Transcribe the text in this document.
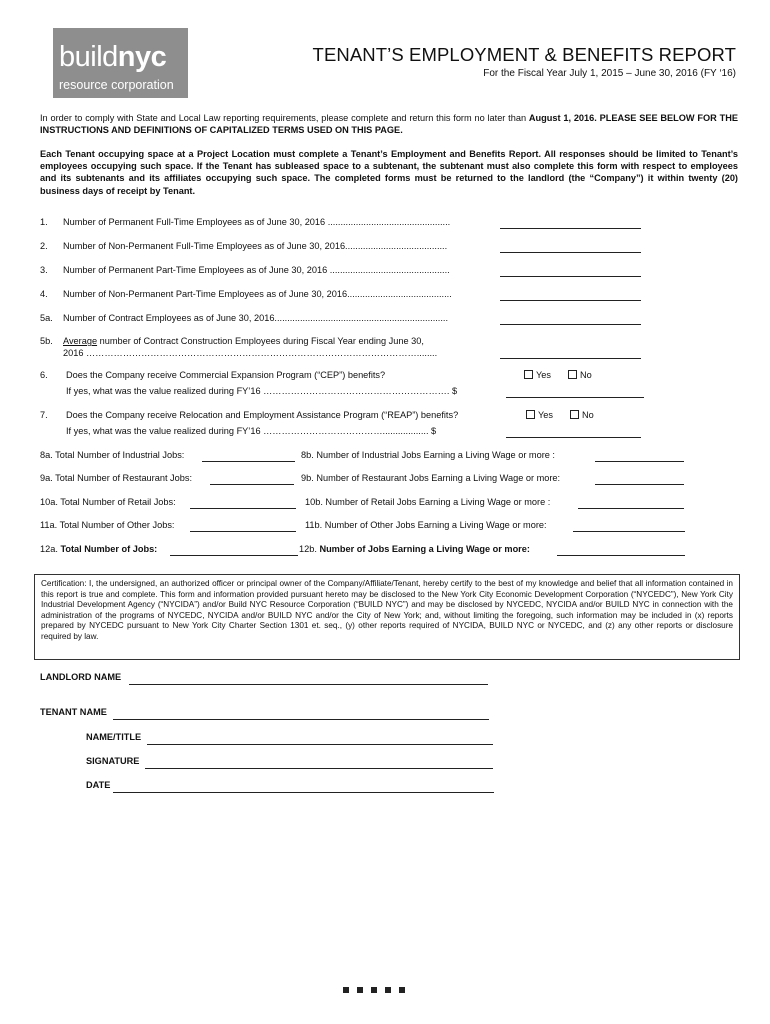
buildnyc
resource corporation
TENANT’S EMPLOYMENT & BENEFITS REPORT
For the Fiscal Year July 1, 2015 – June 30, 2016 (FY ‘16)
In order to comply with State and Local Law reporting requirements, please complete and return this form no later than August 1, 2016. PLEASE SEE BELOW FOR THE INSTRUCTIONS AND DEFINITIONS OF CAPITALIZED TERMS USED ON THIS PAGE.
Each Tenant occupying space at a Project Location must complete a Tenant’s Employment and Benefits Report. All responses should be limited to Tenant’s employees occupying such space. If the Tenant has subleased space to a subtenant, the subtenant must also complete this form with respect to employees and its subtenants and its affiliates occupying such space. The completed forms must be returned to the landlord (the “Company”) it within twenty (20) business days of receipt by Tenant.
1. Number of Permanent Full-Time Employees as of June 30, 2016 ................................................
2. Number of Non-Permanent Full-Time Employees as of June 30, 2016........................................
3. Number of Permanent Part-Time Employees as of June 30, 2016 ...............................................
4. Number of Non-Permanent Part-Time Employees as of June 30, 2016.........................................
5a. Number of Contract Employees as of June 30, 2016....................................................................
5b. Average number of Contract Construction Employees during Fiscal Year ending June 30,
2016 ………………………………………………………………………………………………........
6. Does the Company receive Commercial Expansion Program (“CEP”) benefits?	Yes	No
If yes, what was the value realized during FY’16 ……………………………………………………. $
7. Does the Company receive Relocation and Employment Assistance Program (“REAP”) benefits?	Yes	No
If yes, what was the value realized during FY’16 ………………………………….................. $
8a. Total Number of Industrial Jobs:	8b. Number of Industrial Jobs Earning a Living Wage or more :
9a. Total Number of Restaurant Jobs:	9b. Number of Restaurant Jobs Earning a Living Wage or more:
10a. Total Number of Retail Jobs:	10b. Number of Retail Jobs Earning a Living Wage or more :
11a. Total Number of Other Jobs:	11b. Number of Other Jobs Earning a Living Wage or more:
12a. Total Number of Jobs:	12b. Number of Jobs Earning a Living Wage or more:
Certification: I, the undersigned, an authorized officer or principal owner of the Company/Affiliate/Tenant, hereby certify to the best of my knowledge and belief that all information contained in this report is true and complete. This form and information provided pursuant hereto may be disclosed to the New York City Economic Development Corporation (“NYCEDC”), New York City Industrial Development Agency (“NYCIDA”) and/or Build NYC Resource Corporation (“BUILD NYC”) and may be disclosed by NYCEDC, NYCIDA and/or BUILD NYC in connection with the administration of the programs of NYCEDC, NYCIDA and/or BUILD NYC and/or the City of New York; and, without limiting the foregoing, such information may be included in (x) reports prepared by NYCEDC pursuant to New York City Charter Section 1301 et. seq., (y) other reports required of NYCIDA, BUILD NYC or NYCEDC, and (z) any other reports or disclosure required by law.
LANDLORD NAME
TENANT NAME
NAME/TITLE
SIGNATURE
DATE
